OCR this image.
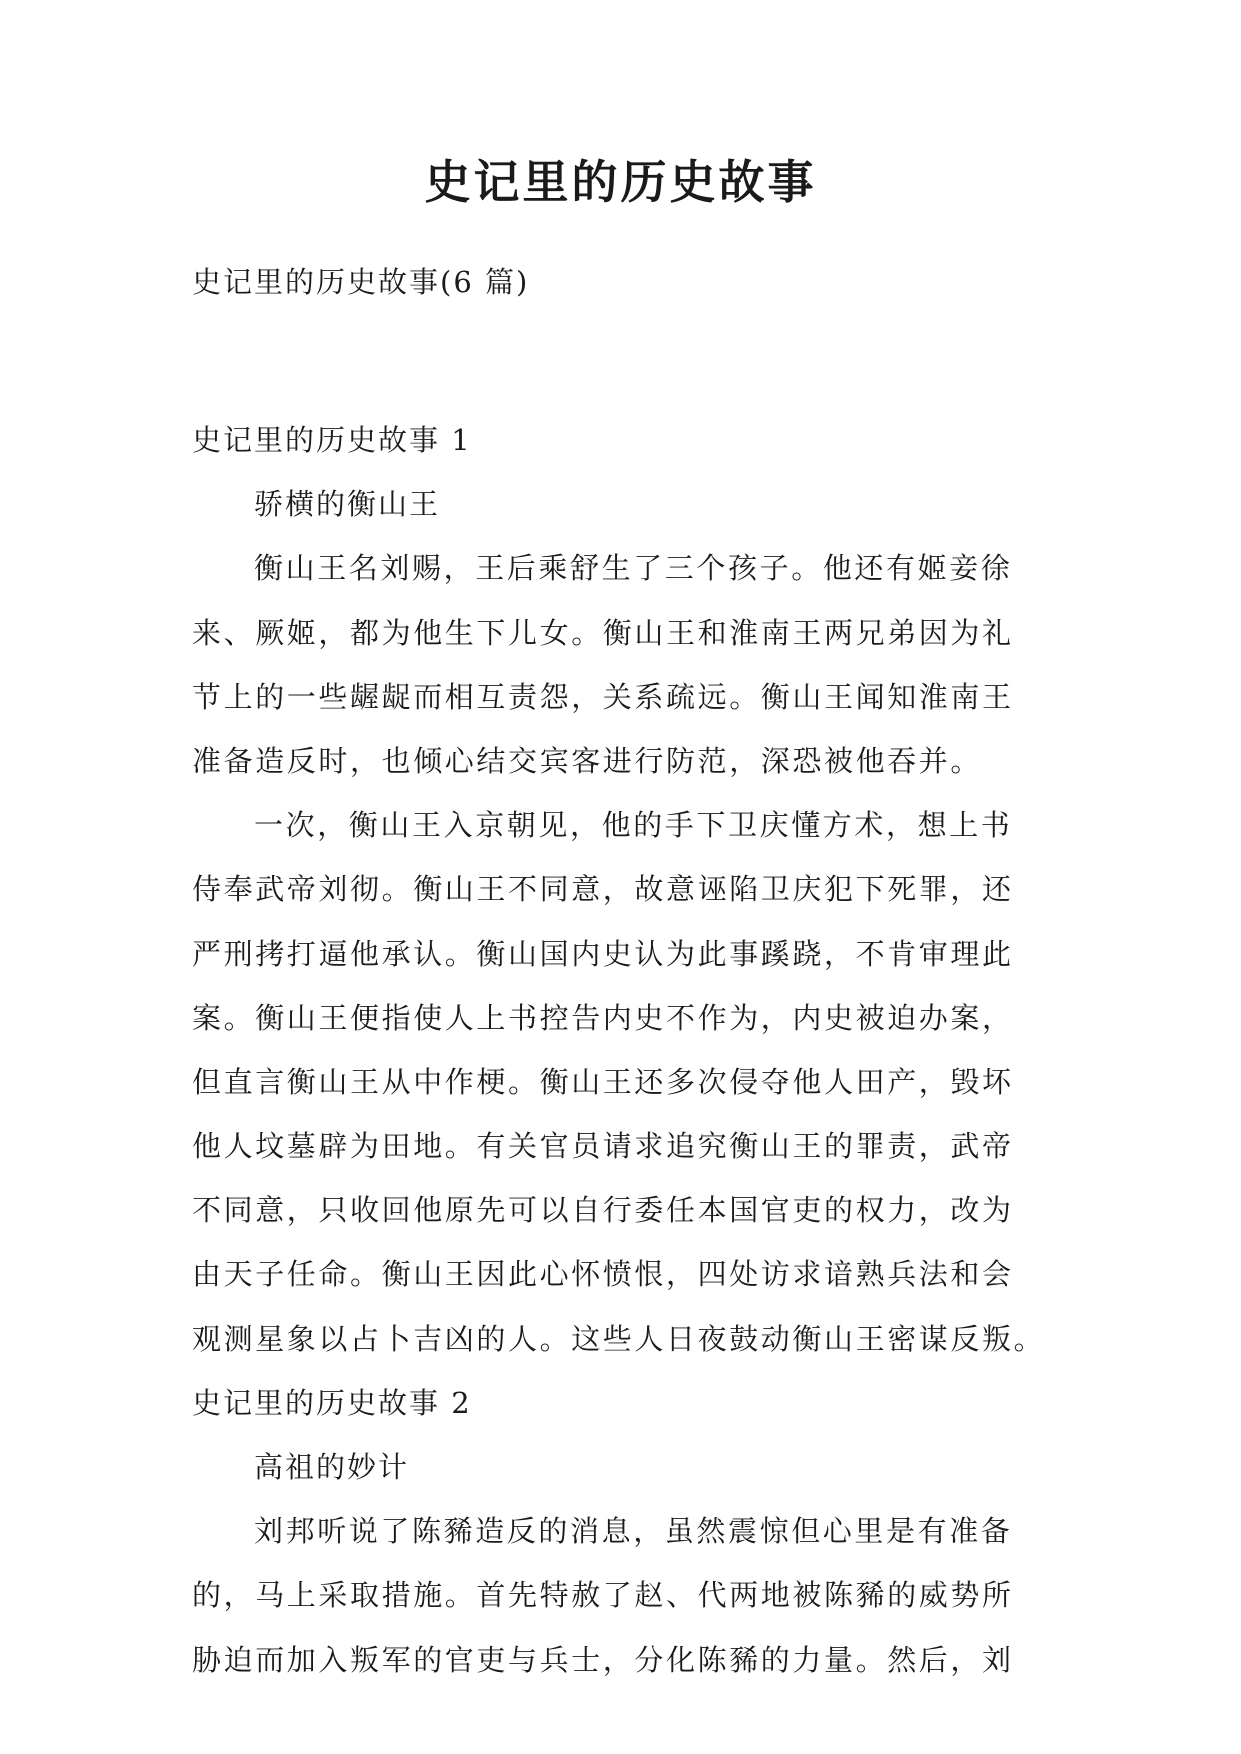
史记里的历史故事

史记里的历史故事(6 篇)

史记里的历史故事 1

骄横的衡山王

衡山王名刘赐，王后乘舒生了三个孩子。他还有姬妾徐

来、厥姬，都为他生下儿女。衡山王和淮南王两兄弟因为礼

节上的一些龌龊而相互责怨，关系疏远。衡山王闻知淮南王

准备造反时，也倾心结交宾客进行防范，深恐被他吞并。

一次，衡山王入京朝见，他的手下卫庆懂方术，想上书

侍奉武帝刘彻。衡山王不同意，故意诬陷卫庆犯下死罪，还

严刑拷打逼他承认。衡山国内史认为此事蹊跷，不肯审理此

案。衡山王便指使人上书控告内史不作为，内史被迫办案，

但直言衡山王从中作梗。衡山王还多次侵夺他人田产，毁坏

他人坟墓辟为田地。有关官员请求追究衡山王的罪责，武帝

不同意，只收回他原先可以自行委任本国官吏的权力，改为

由天子任命。衡山王因此心怀愤恨，四处访求谙熟兵法和会

观测星象以占卜吉凶的人。这些人日夜鼓动衡山王密谋反叛。

史记里的历史故事 2

高祖的妙计

刘邦听说了陈豨造反的消息，虽然震惊但心里是有准备

的，马上采取措施。首先特赦了赵、代两地被陈豨的威势所

胁迫而加入叛军的官吏与兵士，分化陈豨的力量。然后，刘
